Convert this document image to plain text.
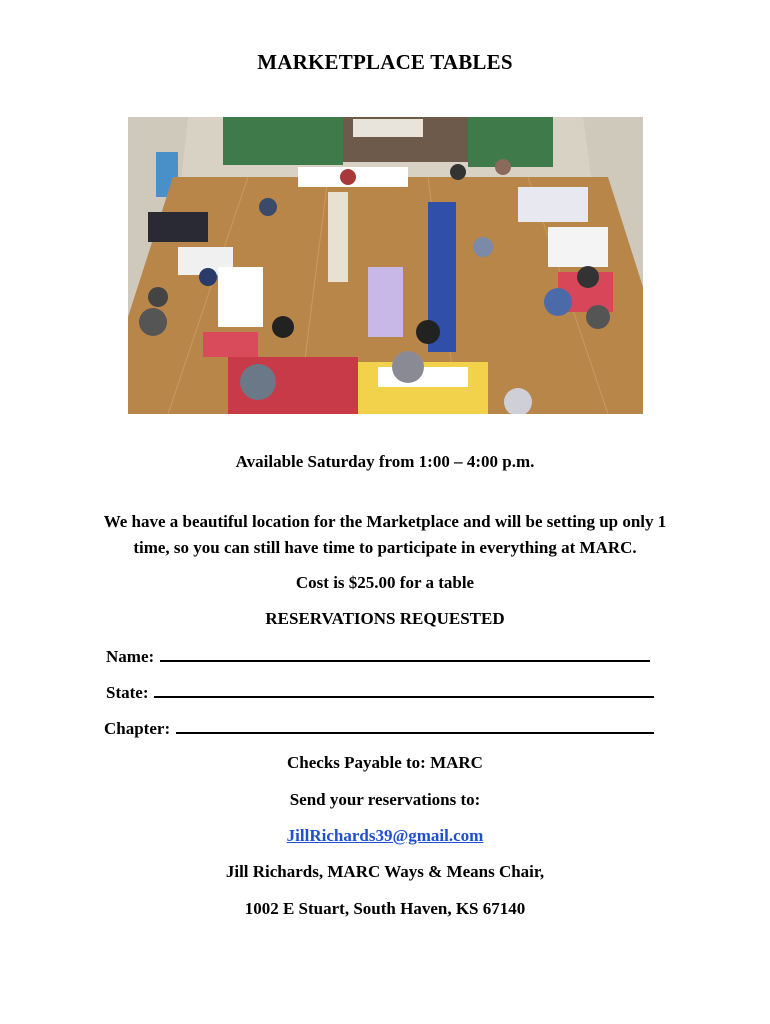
MARKETPLACE TABLES
Available Saturday from 1:00 – 4:00 p.m.
We have a beautiful location for the Marketplace and will be setting up only 1
time, so you can still have time to participate in everything at MARC.
Cost is $25.00 for a table
RESERVATIONS REQUESTED
Name:
State:
Chapter:
Checks Payable to: MARC
Send your reservations to:
JillRichards39@gmail.com
Jill Richards, MARC Ways & Means Chair,
1002 E Stuart, South Haven, KS 67140
